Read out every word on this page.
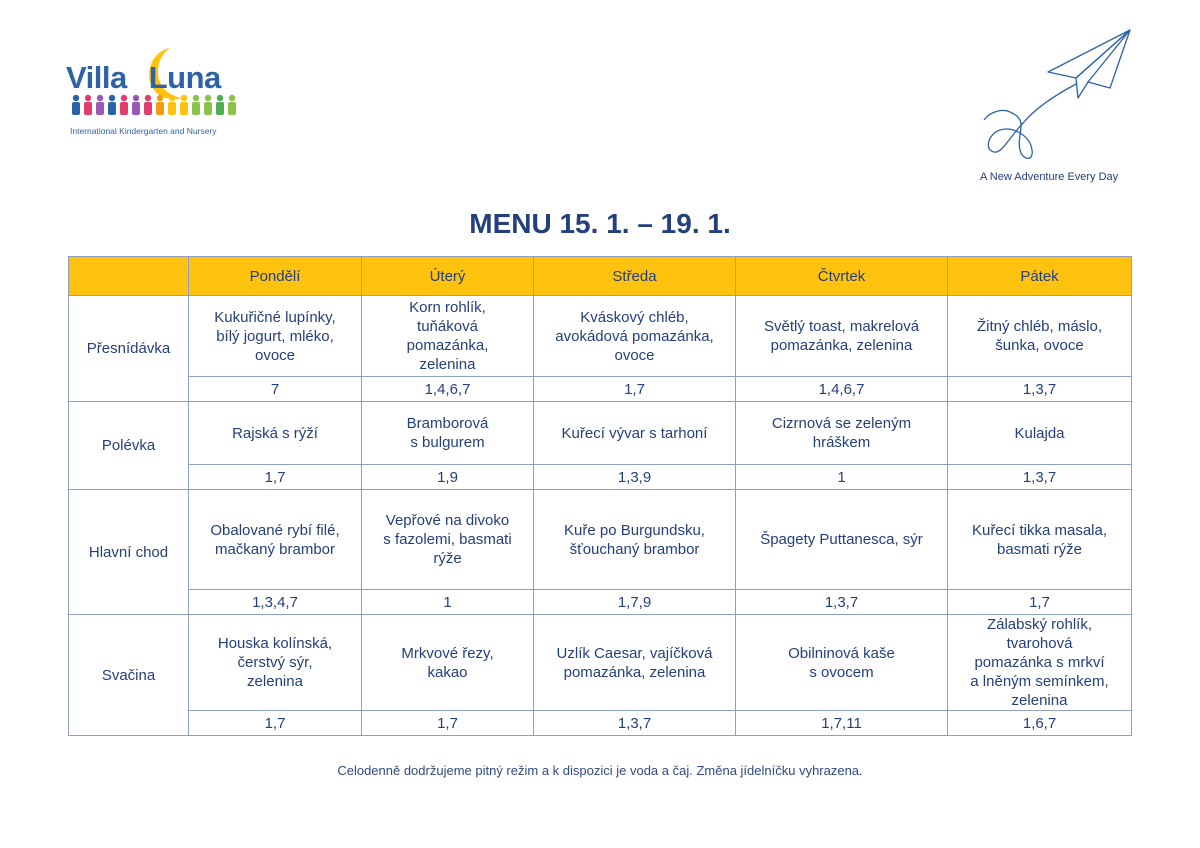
Villa Luna
International Kindergarten and Nursery
A New Adventure Every Day
MENU 15. 1. – 19. 1.
	Pondělí	Úterý	Středa	Čtvrtek	Pátek
Přesnídávka	Kukuřičné lupínky,
bílý jogurt, mléko,
ovoce	Korn rohlík,
tuňáková
pomazánka,
zelenina	Kváskový chléb,
avokádová pomazánka,
ovoce	Světlý toast, makrelová
pomazánka, zelenina	Žitný chléb, máslo,
šunka, ovoce
	7	1,4,6,7	1,7	1,4,6,7	1,3,7
Polévka	Rajská s rýží	Bramborová
s bulgurem	Kuřecí vývar s tarhoní	Cizrnová se zeleným
hráškem	Kulajda
	1,7	1,9	1,3,9	1	1,3,7
Hlavní chod	Obalované rybí filé,
mačkaný brambor	Vepřové na divoko
s fazolemi, basmati
rýže	Kuře po Burgundsku,
šťouchaný brambor	Špagety Puttanesca, sýr	Kuřecí tikka masala,
basmati rýže
	1,3,4,7	1	1,7,9	1,3,7	1,7
Svačina	Houska kolínská,
čerstvý sýr,
zelenina	Mrkvové řezy,
kakao	Uzlík Caesar, vajíčková
pomazánka, zelenina	Obilninová kaše
s ovocem	Zálabský rohlík,
tvarohová
pomazánka s mrkví
a lněným semínkem,
zelenina
	1,7	1,7	1,3,7	1,7,11	1,6,7
Celodenně dodržujeme pitný režim a k dispozici je voda a čaj. Změna jídelníčku vyhrazena.
